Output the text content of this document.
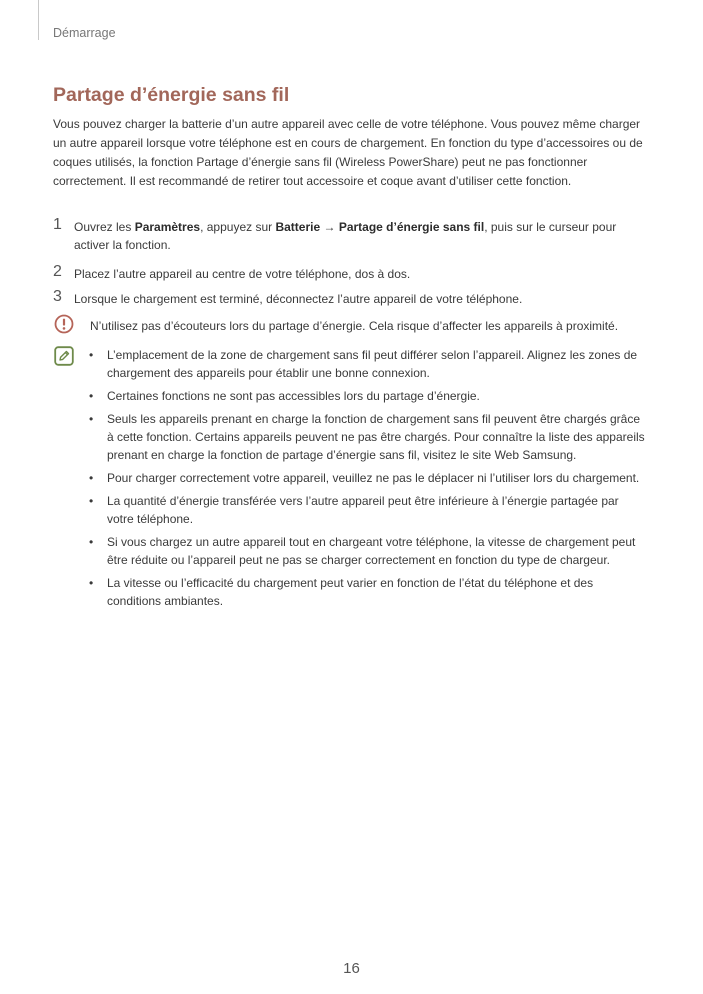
Démarrage
Partage d’énergie sans fil

Vous pouvez charger la batterie d’un autre appareil avec celle de votre téléphone. Vous pouvez même charger un autre appareil lorsque votre téléphone est en cours de chargement. En fonction du type d’accessoires ou de coques utilisés, la fonction Partage d’énergie sans fil (Wireless PowerShare) peut ne pas fonctionner correctement. Il est recommandé de retirer tout accessoire et coque avant d’utiliser cette fonction.

1 Ouvrez les Paramètres, appuyez sur Batterie → Partage d’énergie sans fil, puis sur le curseur pour activer la fonction.
2 Placez l’autre appareil au centre de votre téléphone, dos à dos.
3 Lorsque le chargement est terminé, déconnectez l’autre appareil de votre téléphone.
N’utilisez pas d’écouteurs lors du partage d’énergie. Cela risque d’affecter les appareils à proximité.
• L’emplacement de la zone de chargement sans fil peut différer selon l’appareil. Alignez les zones de chargement des appareils pour établir une bonne connexion.
• Certaines fonctions ne sont pas accessibles lors du partage d’énergie.
• Seuls les appareils prenant en charge la fonction de chargement sans fil peuvent être chargés grâce à cette fonction. Certains appareils peuvent ne pas être chargés. Pour connaître la liste des appareils prenant en charge la fonction de partage d’énergie sans fil, visitez le site Web Samsung.
• Pour charger correctement votre appareil, veuillez ne pas le déplacer ni l’utiliser lors du chargement.
• La quantité d’énergie transférée vers l’autre appareil peut être inférieure à l’énergie partagée par votre téléphone.
• Si vous chargez un autre appareil tout en chargeant votre téléphone, la vitesse de chargement peut être réduite ou l’appareil peut ne pas se charger correctement en fonction du type de chargeur.
• La vitesse ou l’efficacité du chargement peut varier en fonction de l’état du téléphone et des conditions ambiantes.
16
